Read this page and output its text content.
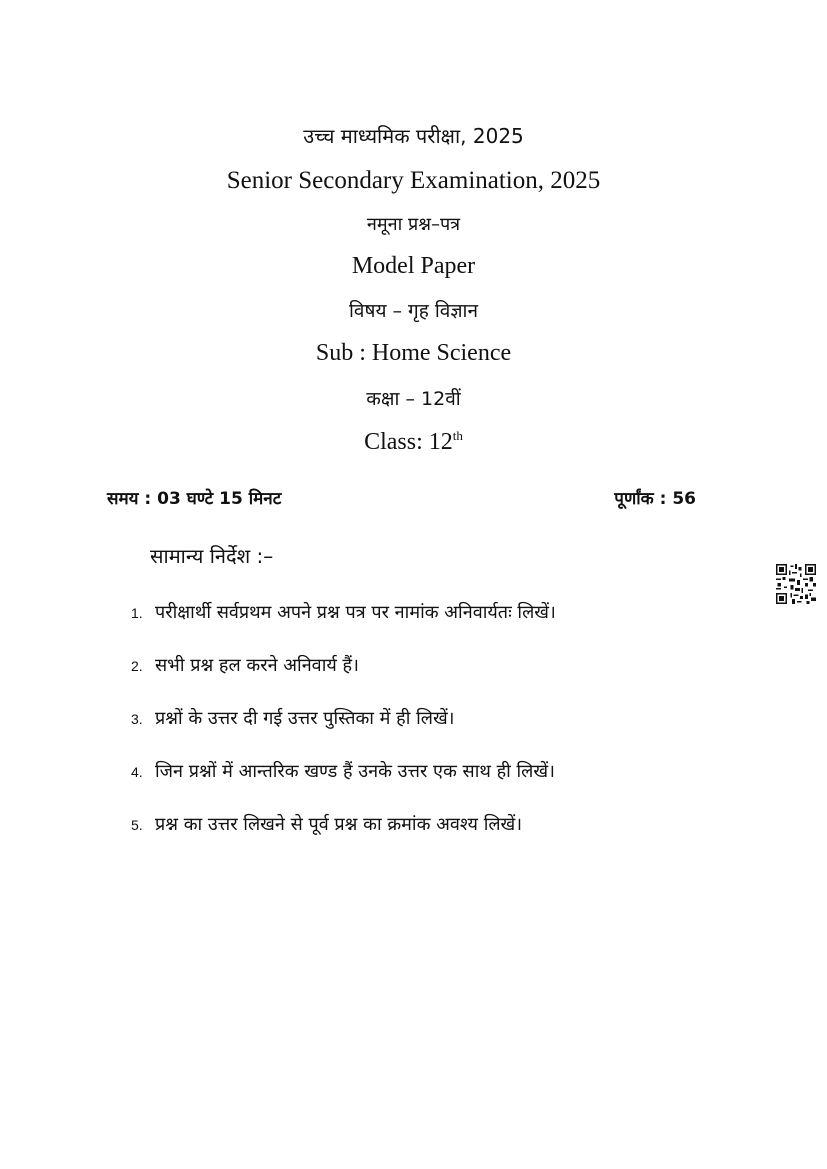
उच्च माध्यमिक परीक्षा, 2025
Senior Secondary Examination, 2025
नमूना प्रश्न–पत्र
Model Paper
विषय – गृह विज्ञान
Sub : Home Science
कक्षा – 12वीं
Class: 12th
समय : 03 घण्टे 15 मिनट	पूर्णांक : 56
सामान्य निर्देश :–
1. परीक्षार्थी सर्वप्रथम अपने प्रश्न पत्र पर नामांक अनिवार्यतः लिखें।
2. सभी प्रश्न हल करने अनिवार्य हैं।
3. प्रश्नों के उत्तर दी गई उत्तर पुस्तिका में ही लिखें।
4. जिन प्रश्नों में आन्तरिक खण्ड हैं उनके उत्तर एक साथ ही लिखें।
5. प्रश्न का उत्तर लिखने से पूर्व प्रश्न का क्रमांक अवश्य लिखें।
